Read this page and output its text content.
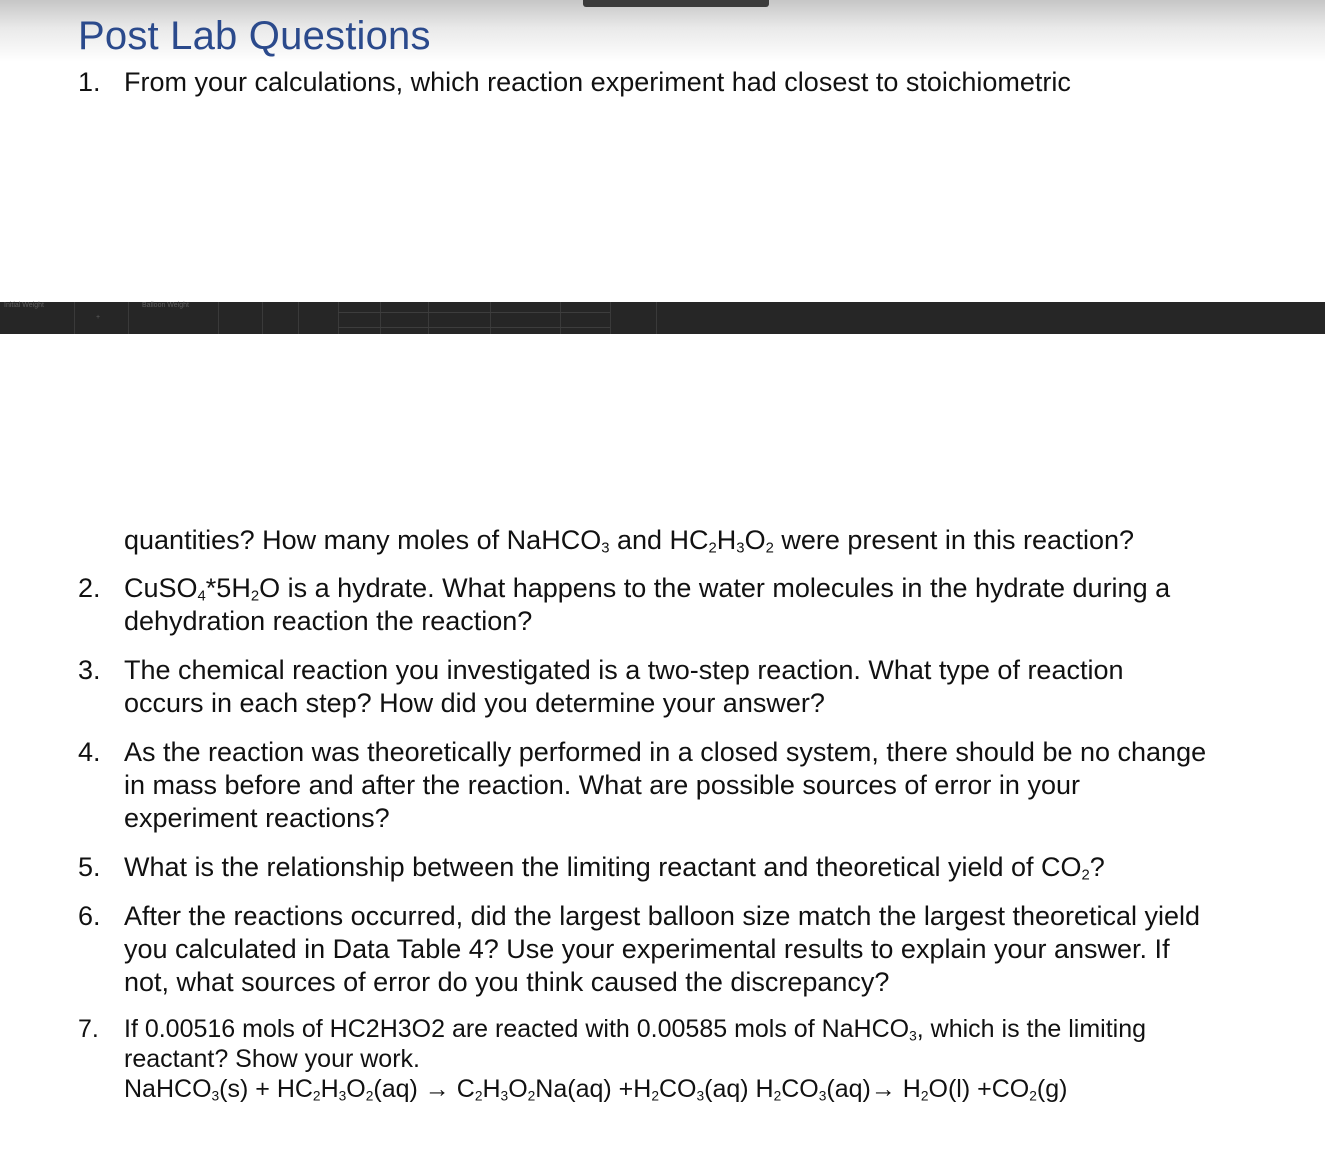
Post Lab Questions
1. From your calculations, which reaction experiment had closest to stoichiometric
Initial Weight	Balloon Weight
+
quantities? How many moles of NaHCO$_3$ and $HC_2H_3O_2$ were present in this reaction?
2. $CuSO_4*5H_2O$ is a hydrate. What happens to the water molecules in the hydrate during a
dehydration reaction the reaction?
3. The chemical reaction you investigated is a two-step reaction. What type of reaction
occurs in each step? How did you determine your answer?
4. As the reaction was theoretically performed in a closed system, there should be no change
in mass before and after the reaction. What are possible sources of error in your
experiment reactions?
5. What is the relationship between the limiting reactant and theoretical yield of $CO_2$?
6. After the reactions occurred, did the largest balloon size match the largest theoretical yield
you calculated in Data Table 4? Use your experimental results to explain your answer. If
not, what sources of error do you think caused the discrepancy?
7.	If 0.00516 mols of HC2H3O2 are reacted with 0.00585 mols of NaHCO$_3$, which is the limiting
reactant? Show your work.
NaHCO$_3$(s) + $HC_2H_3O_2(aq) \to C_2H_3O_2Na(aq) +H_2CO_3(aq)$ $H_2CO_3(aq)\to H_2O(l) +CO_2(g)$
